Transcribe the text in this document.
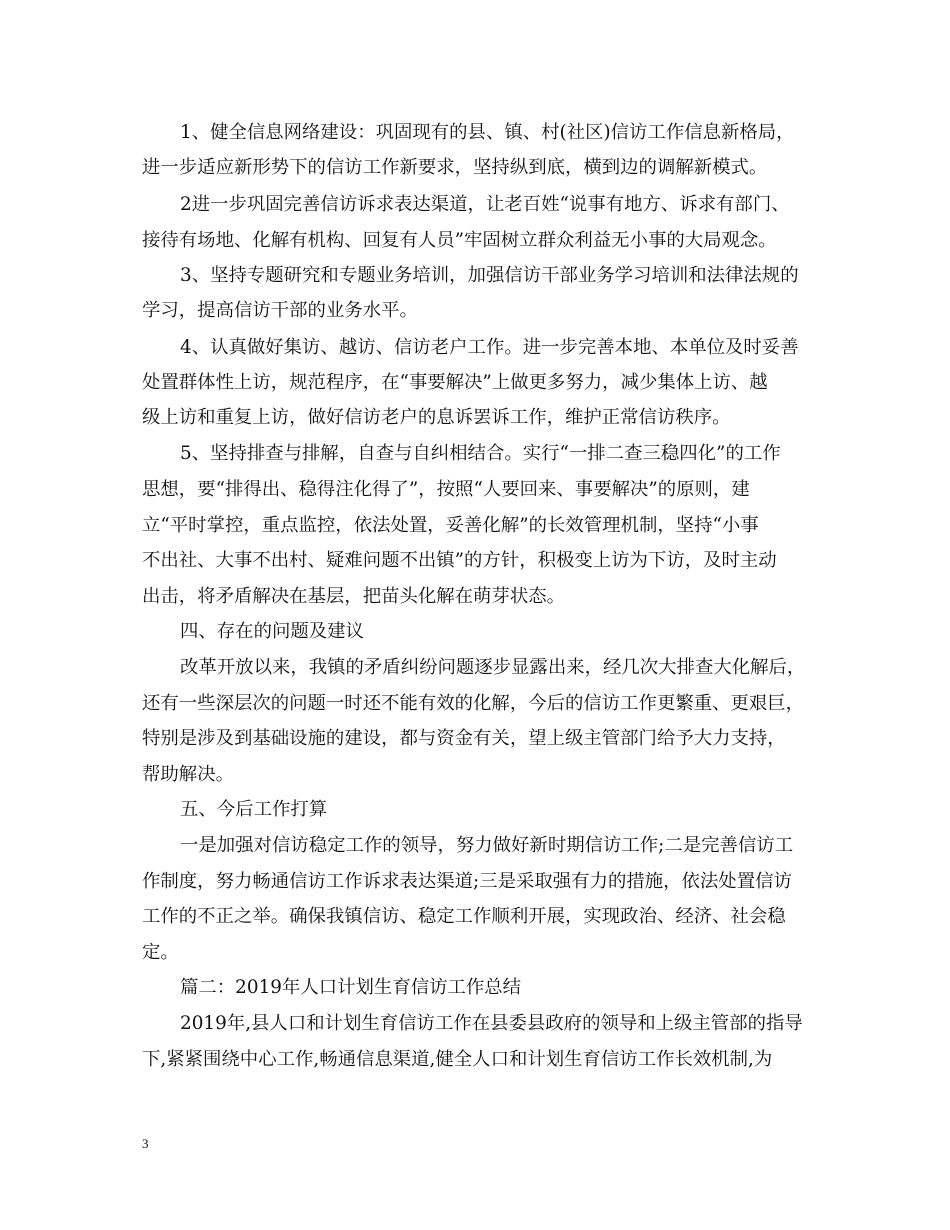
1、健全信息网络建设：巩固现有的县、镇、村(社区)信访工作信息新格局，
进一步适应新形势下的信访工作新要求，坚持纵到底，横到边的调解新模式。
2进一步巩固完善信访诉求表达渠道，让老百姓“说事有地方、诉求有部门、
接待有场地、化解有机构、回复有人员”牢固树立群众利益无小事的大局观念。
3、坚持专题研究和专题业务培训，加强信访干部业务学习培训和法律法规的
学习，提高信访干部的业务水平。
4、认真做好集访、越访、信访老户工作。进一步完善本地、本单位及时妥善
处置群体性上访，规范程序，在“事要解决”上做更多努力，减少集体上访、越
级上访和重复上访，做好信访老户的息诉罢诉工作，维护正常信访秩序。
5、坚持排查与排解，自查与自纠相结合。实行“一排二查三稳四化”的工作
思想，要“排得出、稳得注化得了”，按照“人要回来、事要解决”的原则，建
立“平时掌控，重点监控，依法处置，妥善化解”的长效管理机制，坚持“小事
不出社、大事不出村、疑难问题不出镇”的方针，积极变上访为下访，及时主动
出击，将矛盾解决在基层，把苗头化解在萌芽状态。
四、存在的问题及建议
改革开放以来，我镇的矛盾纠纷问题逐步显露出来，经几次大排查大化解后，
还有一些深层次的问题一时还不能有效的化解，今后的信访工作更繁重、更艰巨，
特别是涉及到基础设施的建设，都与资金有关，望上级主管部门给予大力支持，
帮助解决。
五、今后工作打算
一是加强对信访稳定工作的领导，努力做好新时期信访工作;二是完善信访工
作制度，努力畅通信访工作诉求表达渠道;三是采取强有力的措施，依法处置信访
工作的不正之举。确保我镇信访、稳定工作顺利开展，实现政治、经济、社会稳
定。
篇二：2019年人口计划生育信访工作总结
2019年,县人口和计划生育信访工作在县委县政府的领导和上级主管部的指导
下,紧紧围绕中心工作,畅通信息渠道,健全人口和计划生育信访工作长效机制,为
3
